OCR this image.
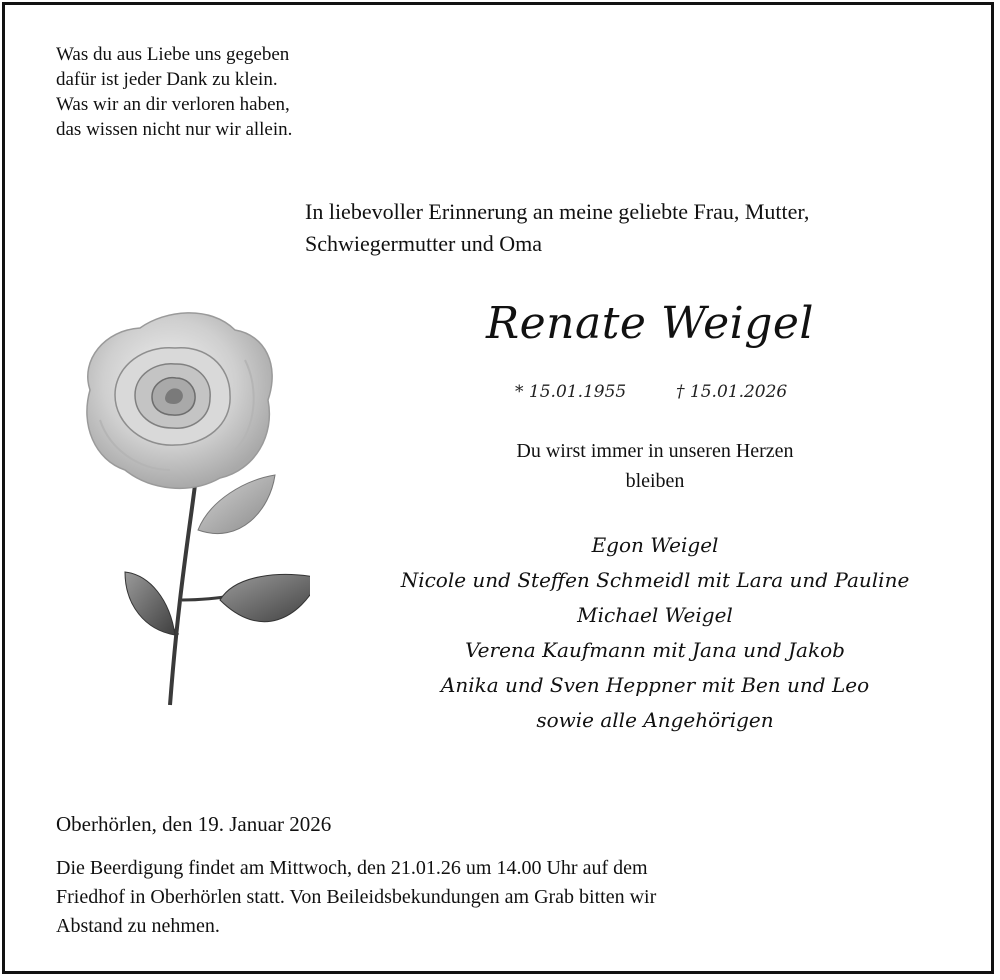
Was du aus Liebe uns gegeben
dafür ist jeder Dank zu klein.
Was wir an dir verloren haben,
das wissen nicht nur wir allein.
In liebevoller Erinnerung an meine geliebte Frau, Mutter,
Schwiegermutter und Oma
Renate Weigel
* 15.01.1955	† 15.01.2026
Du wirst immer in unseren Herzen
bleiben
Egon Weigel
Nicole und Steffen Schmeidl mit Lara und Pauline
Michael Weigel
Verena Kaufmann mit Jana und Jakob
Anika und Sven Heppner mit Ben und Leo
sowie alle Angehörigen
Oberhörlen, den 19. Januar 2026
Die Beerdigung findet am Mittwoch, den 21.01.26 um 14.00 Uhr auf dem
Friedhof in Oberhörlen statt. Von Beileidsbekundungen am Grab bitten wir
Abstand zu nehmen.
